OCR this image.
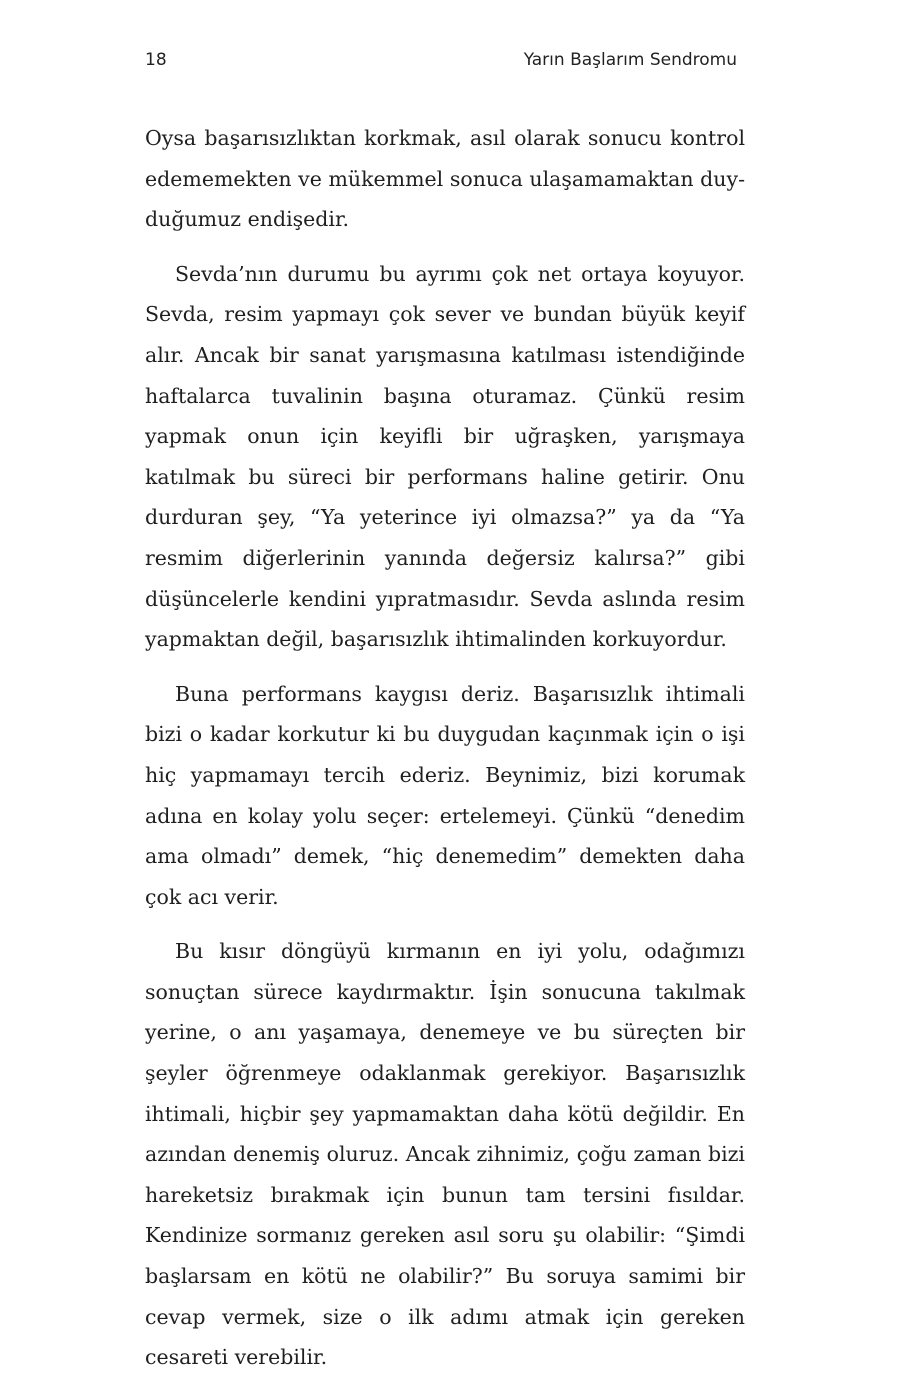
18	Yarın Başlarım Sendromu

Oysa başarısızlıktan korkmak, asıl olarak sonucu kontrol edememekten ve mükemmel sonuca ulaşamamaktan duyduğumuz endişedir.

Sevda’nın durumu bu ayrımı çok net ortaya koyuyor. Sevda, resim yapmayı çok sever ve bundan büyük keyif alır. Ancak bir sanat yarışmasına katılması istendiğinde haftalarca tuvalinin başına oturamaz. Çünkü resim yapmak onun için keyifli bir uğraşken, yarışmaya katılmak bu süreci bir performans haline getirir. Onu durduran şey, “Ya yeterince iyi olmazsa?” ya da “Ya resmim diğerlerinin yanında değersiz kalırsa?” gibi düşüncelerle kendini yıpratmasıdır. Sevda aslında resim yapmaktan değil, başarısızlık ihtimalinden korkuyordur.

Buna performans kaygısı deriz. Başarısızlık ihtimali bizi o kadar korkutur ki bu duygudan kaçınmak için o işi hiç yapmamayı tercih ederiz. Beynimiz, bizi korumak adına en kolay yolu seçer: ertelemeyi. Çünkü “denedim ama olmadı” demek, “hiç denemedim” demekten daha çok acı verir.

Bu kısır döngüyü kırmanın en iyi yolu, odağımızı sonuçtan sürece kaydırmaktır. İşin sonucuna takılmak yerine, o anı yaşamaya, denemeye ve bu süreçten bir şeyler öğrenmeye odaklanmak gerekiyor. Başarısızlık ihtimali, hiçbir şey yapmamaktan daha kötü değildir. En azından denemiş oluruz. Ancak zihnimiz, çoğu zaman bizi hareketsiz bırakmak için bunun tam tersini fısıldar. Kendinize sormanız gereken asıl soru şu olabilir: “Şimdi başlarsam en kötü ne olabilir?” Bu soruya samimi bir cevap vermek, size o ilk adımı atmak için gereken cesareti verebilir.
